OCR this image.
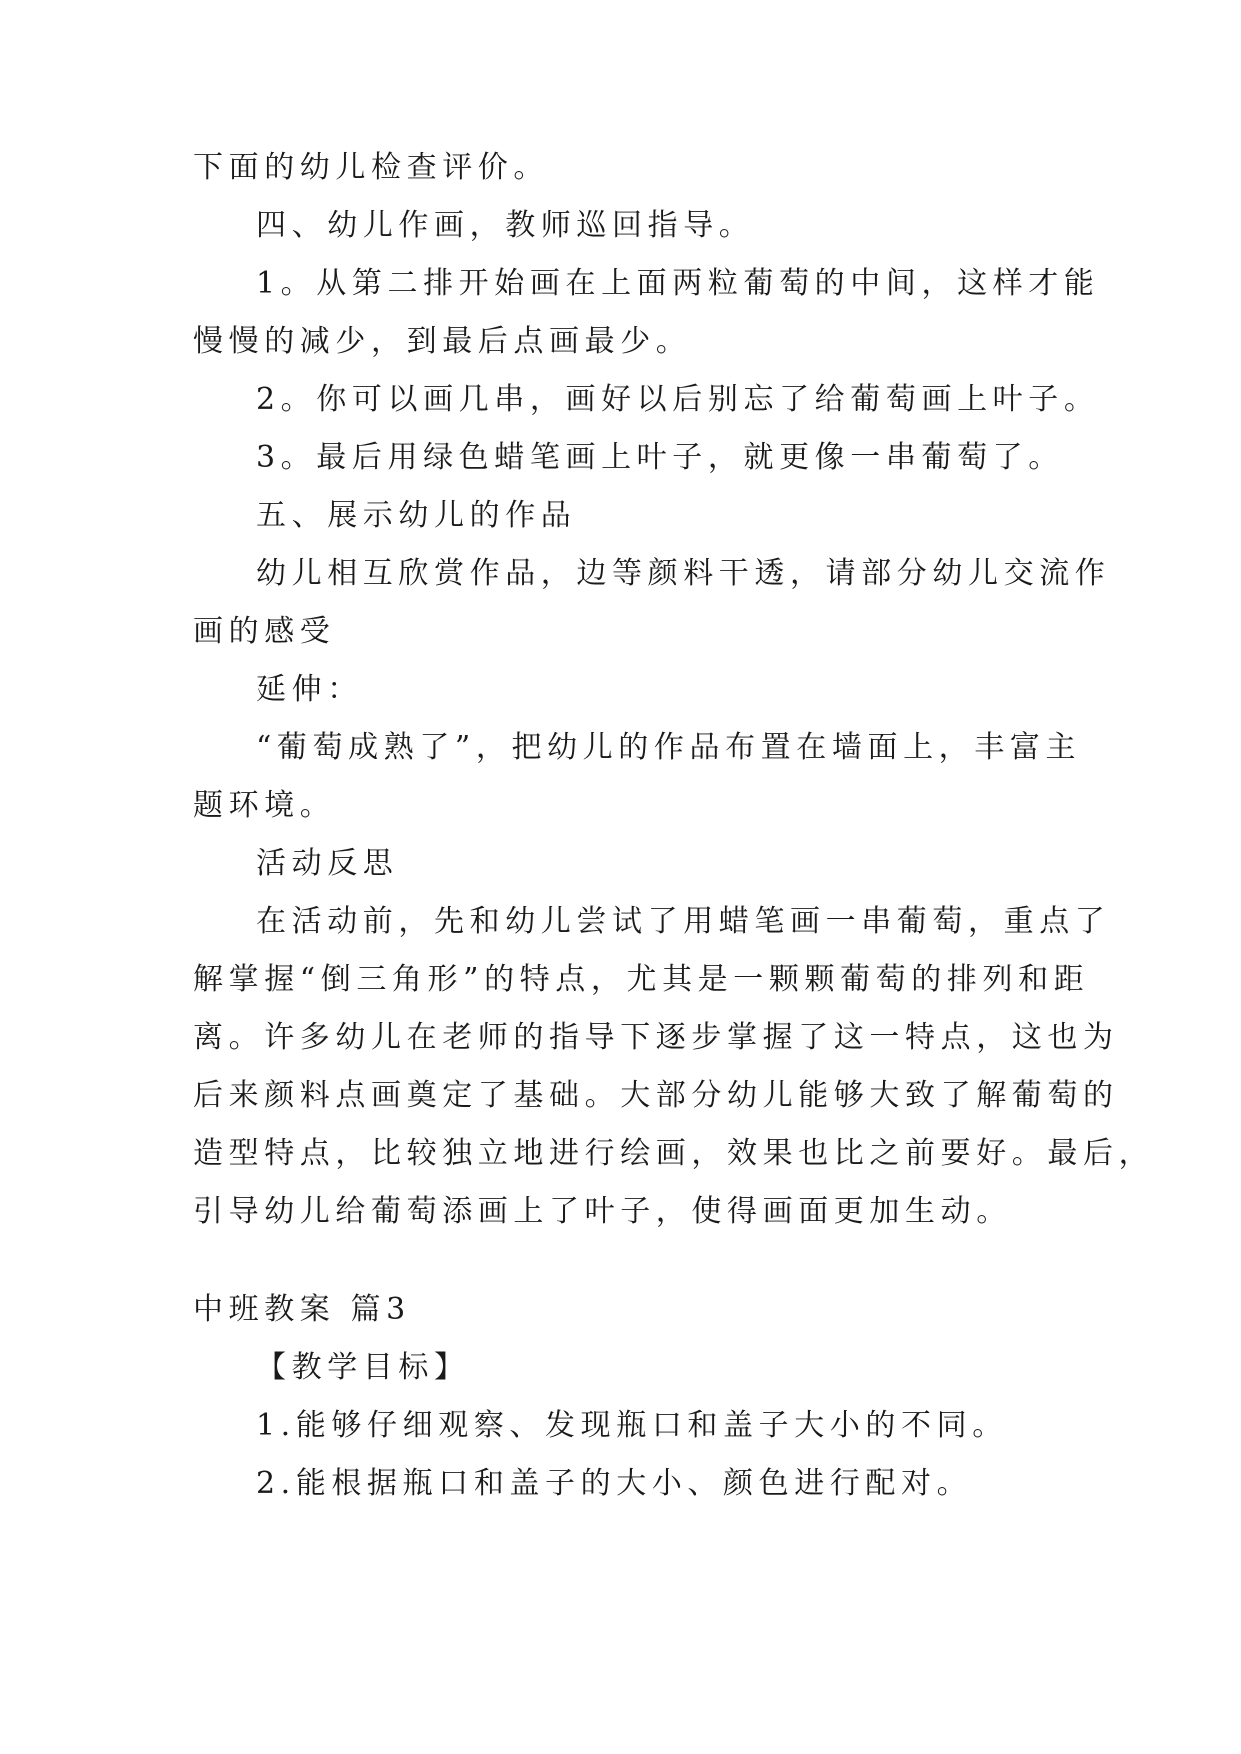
下面的幼儿检查评价。
四、幼儿作画，教师巡回指导。
1。从第二排开始画在上面两粒葡萄的中间，这样才能
慢慢的减少，到最后点画最少。
2。你可以画几串，画好以后别忘了给葡萄画上叶子。
3。最后用绿色蜡笔画上叶子，就更像一串葡萄了。
五、展示幼儿的作品
幼儿相互欣赏作品，边等颜料干透，请部分幼儿交流作
画的感受
延伸：
“葡萄成熟了”，把幼儿的作品布置在墙面上，丰富主
题环境。
活动反思
在活动前，先和幼儿尝试了用蜡笔画一串葡萄，重点了
解掌握“倒三角形”的特点，尤其是一颗颗葡萄的排列和距
离。许多幼儿在老师的指导下逐步掌握了这一特点，这也为
后来颜料点画奠定了基础。大部分幼儿能够大致了解葡萄的
造型特点，比较独立地进行绘画，效果也比之前要好。最后，
引导幼儿给葡萄添画上了叶子，使得画面更加生动。
中班教案 篇3
【教学目标】
1.能够仔细观察、发现瓶口和盖子大小的不同。
2.能根据瓶口和盖子的大小、颜色进行配对。
